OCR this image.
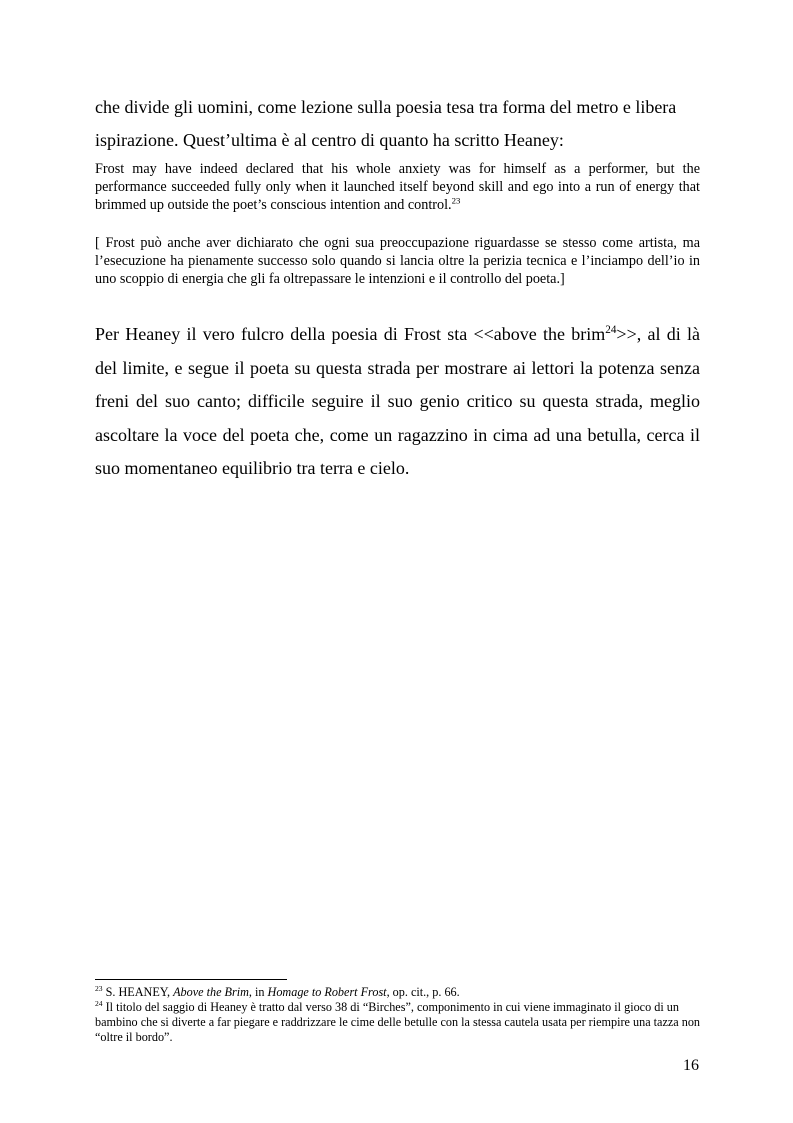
che divide gli uomini, come lezione sulla poesia tesa tra forma del metro e libera
ispirazione. Quest’ultima è al centro di quanto ha scritto Heaney:

Frost may have indeed declared that his whole anxiety was for himself as a performer, but the performance succeeded fully only when it launched itself beyond skill and ego into a run of energy that brimmed up outside the poet’s conscious intention and control.$^{23}$

[ Frost può anche aver dichiarato che ogni sua preoccupazione riguardasse se stesso come artista, ma l’esecuzione ha pienamente successo solo quando si lancia oltre la perizia tecnica e l’inciampo dell’io in uno scoppio di energia che gli fa oltrepassare le intenzioni e il controllo del poeta.]

Per Heaney il vero fulcro della poesia di Frost sta <<above the brim$^{24}$>>, al di là del limite, e segue il poeta su questa strada per mostrare ai lettori la potenza senza freni del suo canto; difficile seguire il suo genio critico su questa strada, meglio ascoltare la voce del poeta che, come un ragazzino in cima ad una betulla, cerca il suo momentaneo equilibrio tra terra e cielo.

$^{23}$ S. HEANEY, Above the Brim, in Homage to Robert Frost, op. cit., p. 66.

$^{24}$ Il titolo del saggio di Heaney è tratto dal verso 38 di “Birches”, componimento in cui viene immaginato il gioco di un bambino che si diverte a far piegare e raddrizzare le cime delle betulle con la stessa cautela usata per riempire una tazza non “oltre il bordo”.

16
